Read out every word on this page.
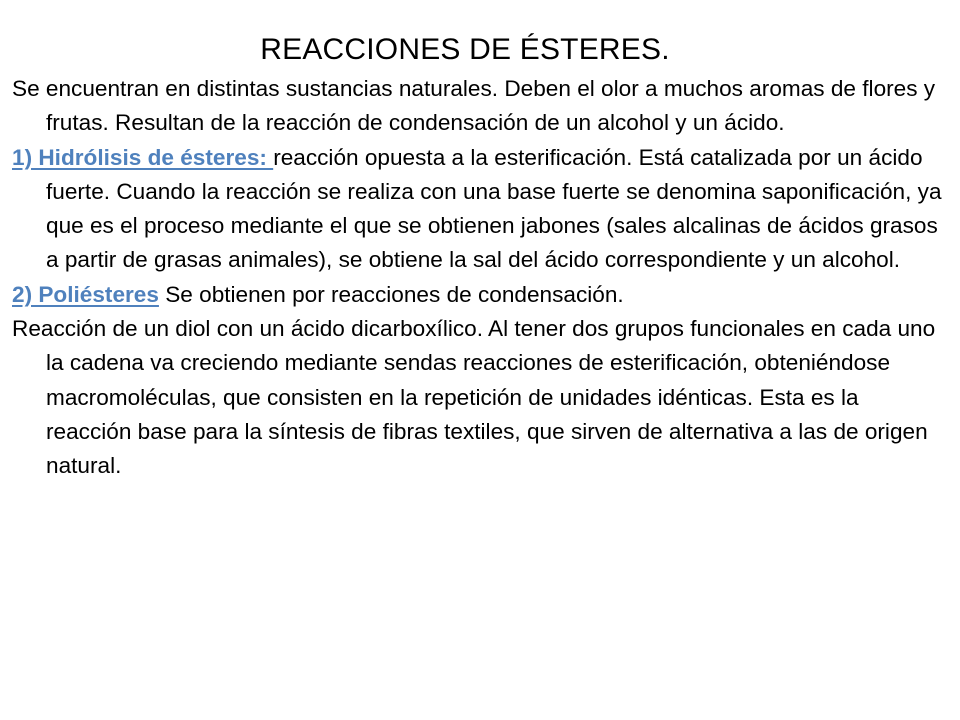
REACCIONES DE ÉSTERES.

Se encuentran en distintas sustancias naturales. Deben el olor a muchos aromas de flores y frutas. Resultan de la reacción de condensación de un alcohol y un ácido.

1) Hidrólisis de ésteres: reacción opuesta a la esterificación. Está catalizada por un ácido fuerte. Cuando la reacción se realiza con una base fuerte se denomina saponificación, ya que es el proceso mediante el que se obtienen jabones (sales alcalinas de ácidos grasos a partir de grasas animales), se obtiene la sal del ácido correspondiente y un alcohol.

2) Poliésteres Se obtienen por reacciones de condensación.

Reacción de un diol con un ácido dicarboxílico. Al tener dos grupos funcionales en cada uno la cadena va creciendo mediante sendas reacciones de esterificación, obteniéndose macromoléculas, que consisten en la repetición de unidades idénticas. Esta es la reacción base para la síntesis de fibras textiles, que sirven de alternativa a las de origen natural.
